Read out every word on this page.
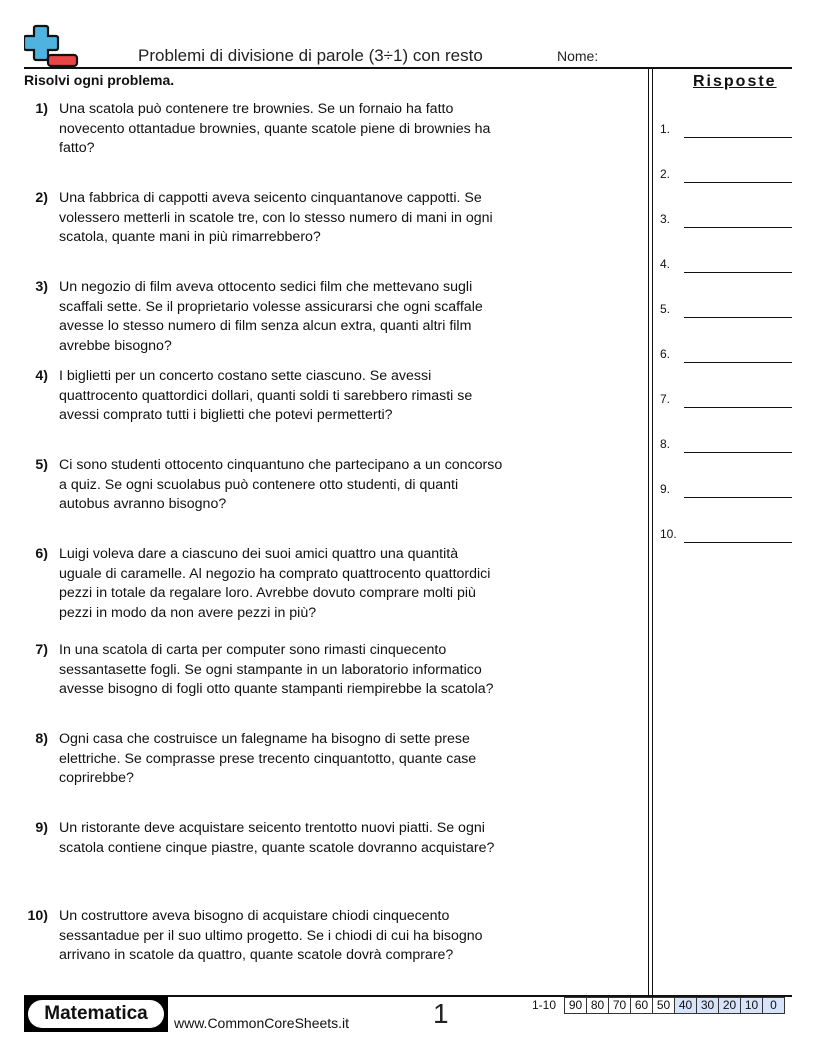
Problemi di divisione di parole (3÷1) con resto	Nome:
Risolvi ogni problema.
1) Una scatola può contenere tre brownies. Se un fornaio ha fatto novecento ottantadue brownies, quante scatole piene di brownies ha fatto?
2) Una fabbrica di cappotti aveva seicento cinquantanove cappotti. Se volessero metterli in scatole tre, con lo stesso numero di mani in ogni scatola, quante mani in più rimarrebbero?
3) Un negozio di film aveva ottocento sedici film che mettevano sugli scaffali sette. Se il proprietario volesse assicurarsi che ogni scaffale avesse lo stesso numero di film senza alcun extra, quanti altri film avrebbe bisogno?
4) I biglietti per un concerto costano sette ciascuno. Se avessi quattrocento quattordici dollari, quanti soldi ti sarebbero rimasti se avessi comprato tutti i biglietti che potevi permetterti?
5) Ci sono studenti ottocento cinquantuno che partecipano a un concorso a quiz. Se ogni scuolabus può contenere otto studenti, di quanti autobus avranno bisogno?
6) Luigi voleva dare a ciascuno dei suoi amici quattro una quantità uguale di caramelle. Al negozio ha comprato quattrocento quattordici pezzi in totale da regalare loro. Avrebbe dovuto comprare molti più pezzi in modo da non avere pezzi in più?
7) In una scatola di carta per computer sono rimasti cinquecento sessantasette fogli. Se ogni stampante in un laboratorio informatico avesse bisogno di fogli otto quante stampanti riempirebbe la scatola?
8) Ogni casa che costruisce un falegname ha bisogno di sette prese elettriche. Se comprasse prese trecento cinquantotto, quante case coprirebbe?
9) Un ristorante deve acquistare seicento trentotto nuovi piatti. Se ogni scatola contiene cinque piastre, quante scatole dovranno acquistare?
10) Un costruttore aveva bisogno di acquistare chiodi cinquecento sessantadue per il suo ultimo progetto. Se i chiodi di cui ha bisogno arrivano in scatole da quattro, quante scatole dovrà comprare?
Risposte
1.
2.
3.
4.
5.
6.
7.
8.
9.
10.
Matematica	www.CommonCoreSheets.it	1	1-10	90 80 70 60 50 40 30 20 10 0
